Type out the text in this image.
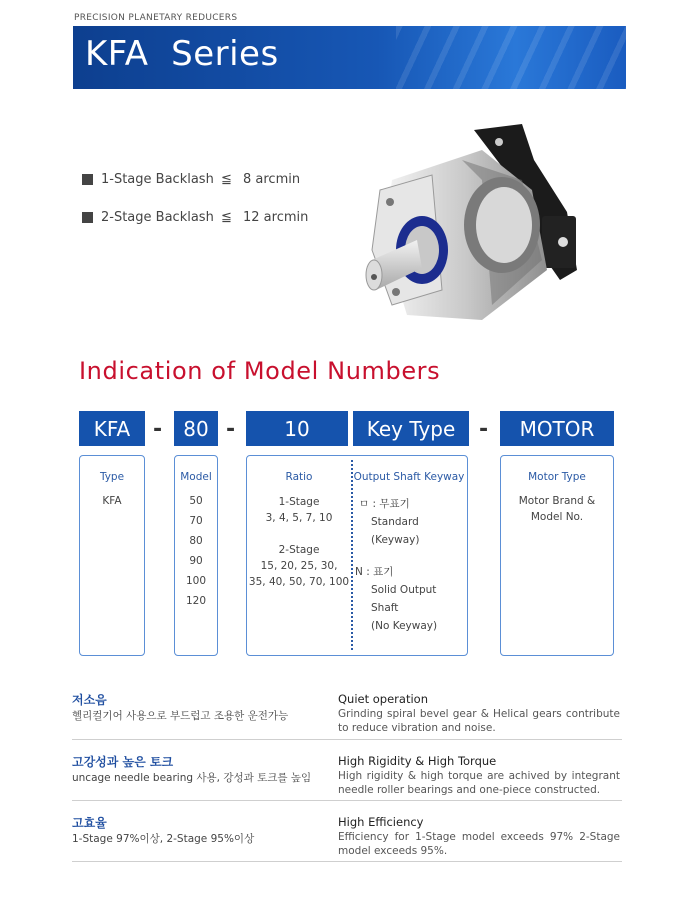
PRECISION PLANETARY REDUCERS
KFA  Series
1-Stage Backlash ≦ 8 arcmin
2-Stage Backlash ≦ 12 arcmin
Indication of Model Numbers
KFA	-	80 -	10	Key Type	-	MOTOR
Type
KFA
Model
50
70
80
90
100
120
Ratio
1-Stage
3, 4, 5, 7, 10
2-Stage
15, 20, 25, 30,
35, 40, 50, 70, 100
Output Shaft Keyway
ㅁ : 무표기
Standard (Keyway)
N : 표기
Solid Output Shaft
(No Keyway)
Motor Type
Motor Brand &
Model No.
저소음
헬리컬기어 사용으로 부드럽고 조용한 운전가능
Quiet operation
Grinding spiral bevel gear & Helical gears contribute to reduce vibration and noise.
고강성과 높은 토크
uncage needle bearing 사용, 강성과 토크를 높임
High Rigidity & High Torque
High rigidity & high torque are achived by integrant needle roller bearings and one-piece constructed.
고효율
1-Stage 97%이상, 2-Stage 95%이상
High Efficiency
Efficiency for 1-Stage model exceeds 97% 2-Stage model exceeds 95%.
